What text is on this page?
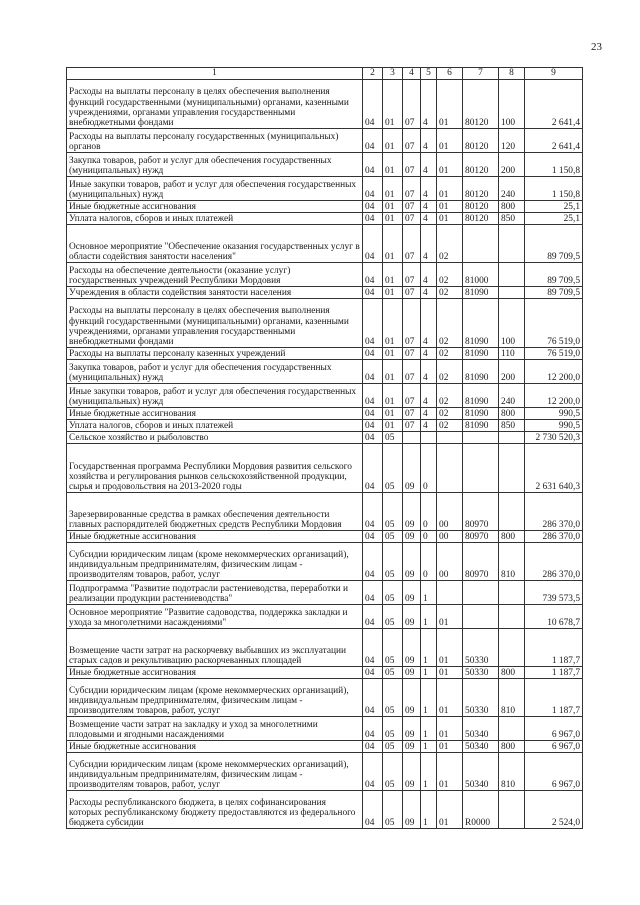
23
1	2	3	4	5	6	7	8	9
Расходы на выплаты персоналу в целях обеспечения выполнения функций государственными (муниципальными) органами, казенными учреждениями, органами управления государственными внебюджетными фондами	04	01	07	4	01	80120	100	2 641,4
Расходы на выплаты персоналу государственных (муниципальных) органов	04	01	07	4	01	80120	120	2 641,4
Закупка товаров, работ и услуг для обеспечения государственных (муниципальных) нужд	04	01	07	4	01	80120	200	1 150,8
Иные закупки товаров, работ и услуг для обеспечения государственных (муниципальных) нужд	04	01	07	4	01	80120	240	1 150,8
Иные бюджетные ассигнования	04	01	07	4	01	80120	800	25,1
Уплата налогов, сборов и иных платежей	04	01	07	4	01	80120	850	25,1
Основное мероприятие "Обеспечение оказания государственных услуг в области содействия занятости населения"	04	01	07	4	02			89 709,5
Расходы на обеспечение деятельности (оказание услуг) государственных учреждений Республики Мордовия	04	01	07	4	02	81000		89 709,5
Учреждения в области содействия занятости населения	04	01	07	4	02	81090		89 709,5
Расходы на выплаты персоналу в целях обеспечения выполнения функций государственными (муниципальными) органами, казенными учреждениями, органами управления государственными внебюджетными фондами	04	01	07	4	02	81090	100	76 519,0
Расходы на выплаты персоналу казенных учреждений	04	01	07	4	02	81090	110	76 519,0
Закупка товаров, работ и услуг для обеспечения государственных (муниципальных) нужд	04	01	07	4	02	81090	200	12 200,0
Иные закупки товаров, работ и услуг для обеспечения государственных (муниципальных) нужд	04	01	07	4	02	81090	240	12 200,0
Иные бюджетные ассигнования	04	01	07	4	02	81090	800	990,5
Уплата налогов, сборов и иных платежей	04	01	07	4	02	81090	850	990,5
Сельское хозяйство и рыболовство	04	05						2 730 520,3
Государственная программа Республики Мордовия развития сельского хозяйства и регулирования рынков сельскохозяйственной продукции, сырья и продовольствия на 2013-2020 годы	04	05	09	0				2 631 640,3
Зарезервированные средства в рамках обеспечения деятельности главных распорядителей бюджетных средств Республики Мордовия	04	05	09	0	00	80970		286 370,0
Иные бюджетные ассигнования	04	05	09	0	00	80970	800	286 370,0
Субсидии юридическим лицам (кроме некоммерческих организаций), индивидуальным предпринимателям, физическим лицам - производителям товаров, работ, услуг	04	05	09	0	00	80970	810	286 370,0
Подпрограмма "Развитие подотрасли растениеводства, переработки и реализации продукции растениеводства"	04	05	09	1				739 573,5
Основное мероприятие "Развитие садоводства, поддержка закладки и ухода за многолетними насаждениями"	04	05	09	1	01			10 678,7
Возмещение части затрат на раскорчевку выбывших из эксплуатации старых садов и рекультивацию раскорчеванных площадей	04	05	09	1	01	50330		1 187,7
Иные бюджетные ассигнования	04	05	09	1	01	50330	800	1 187,7
Субсидии юридическим лицам (кроме некоммерческих организаций), индивидуальным предпринимателям, физическим лицам - производителям товаров, работ, услуг	04	05	09	1	01	50330	810	1 187,7
Возмещение части затрат на закладку и уход за многолетними плодовыми и ягодными насаждениями	04	05	09	1	01	50340		6 967,0
Иные бюджетные ассигнования	04	05	09	1	01	50340	800	6 967,0
Субсидии юридическим лицам (кроме некоммерческих организаций), индивидуальным предпринимателям, физическим лицам - производителям товаров, работ, услуг	04	05	09	1	01	50340	810	6 967,0
Расходы республиканского бюджета, в целях софинансирования которых республиканскому бюджету предоставляются из федерального бюджета субсидии	04	05	09	1	01	R0000		2 524,0
